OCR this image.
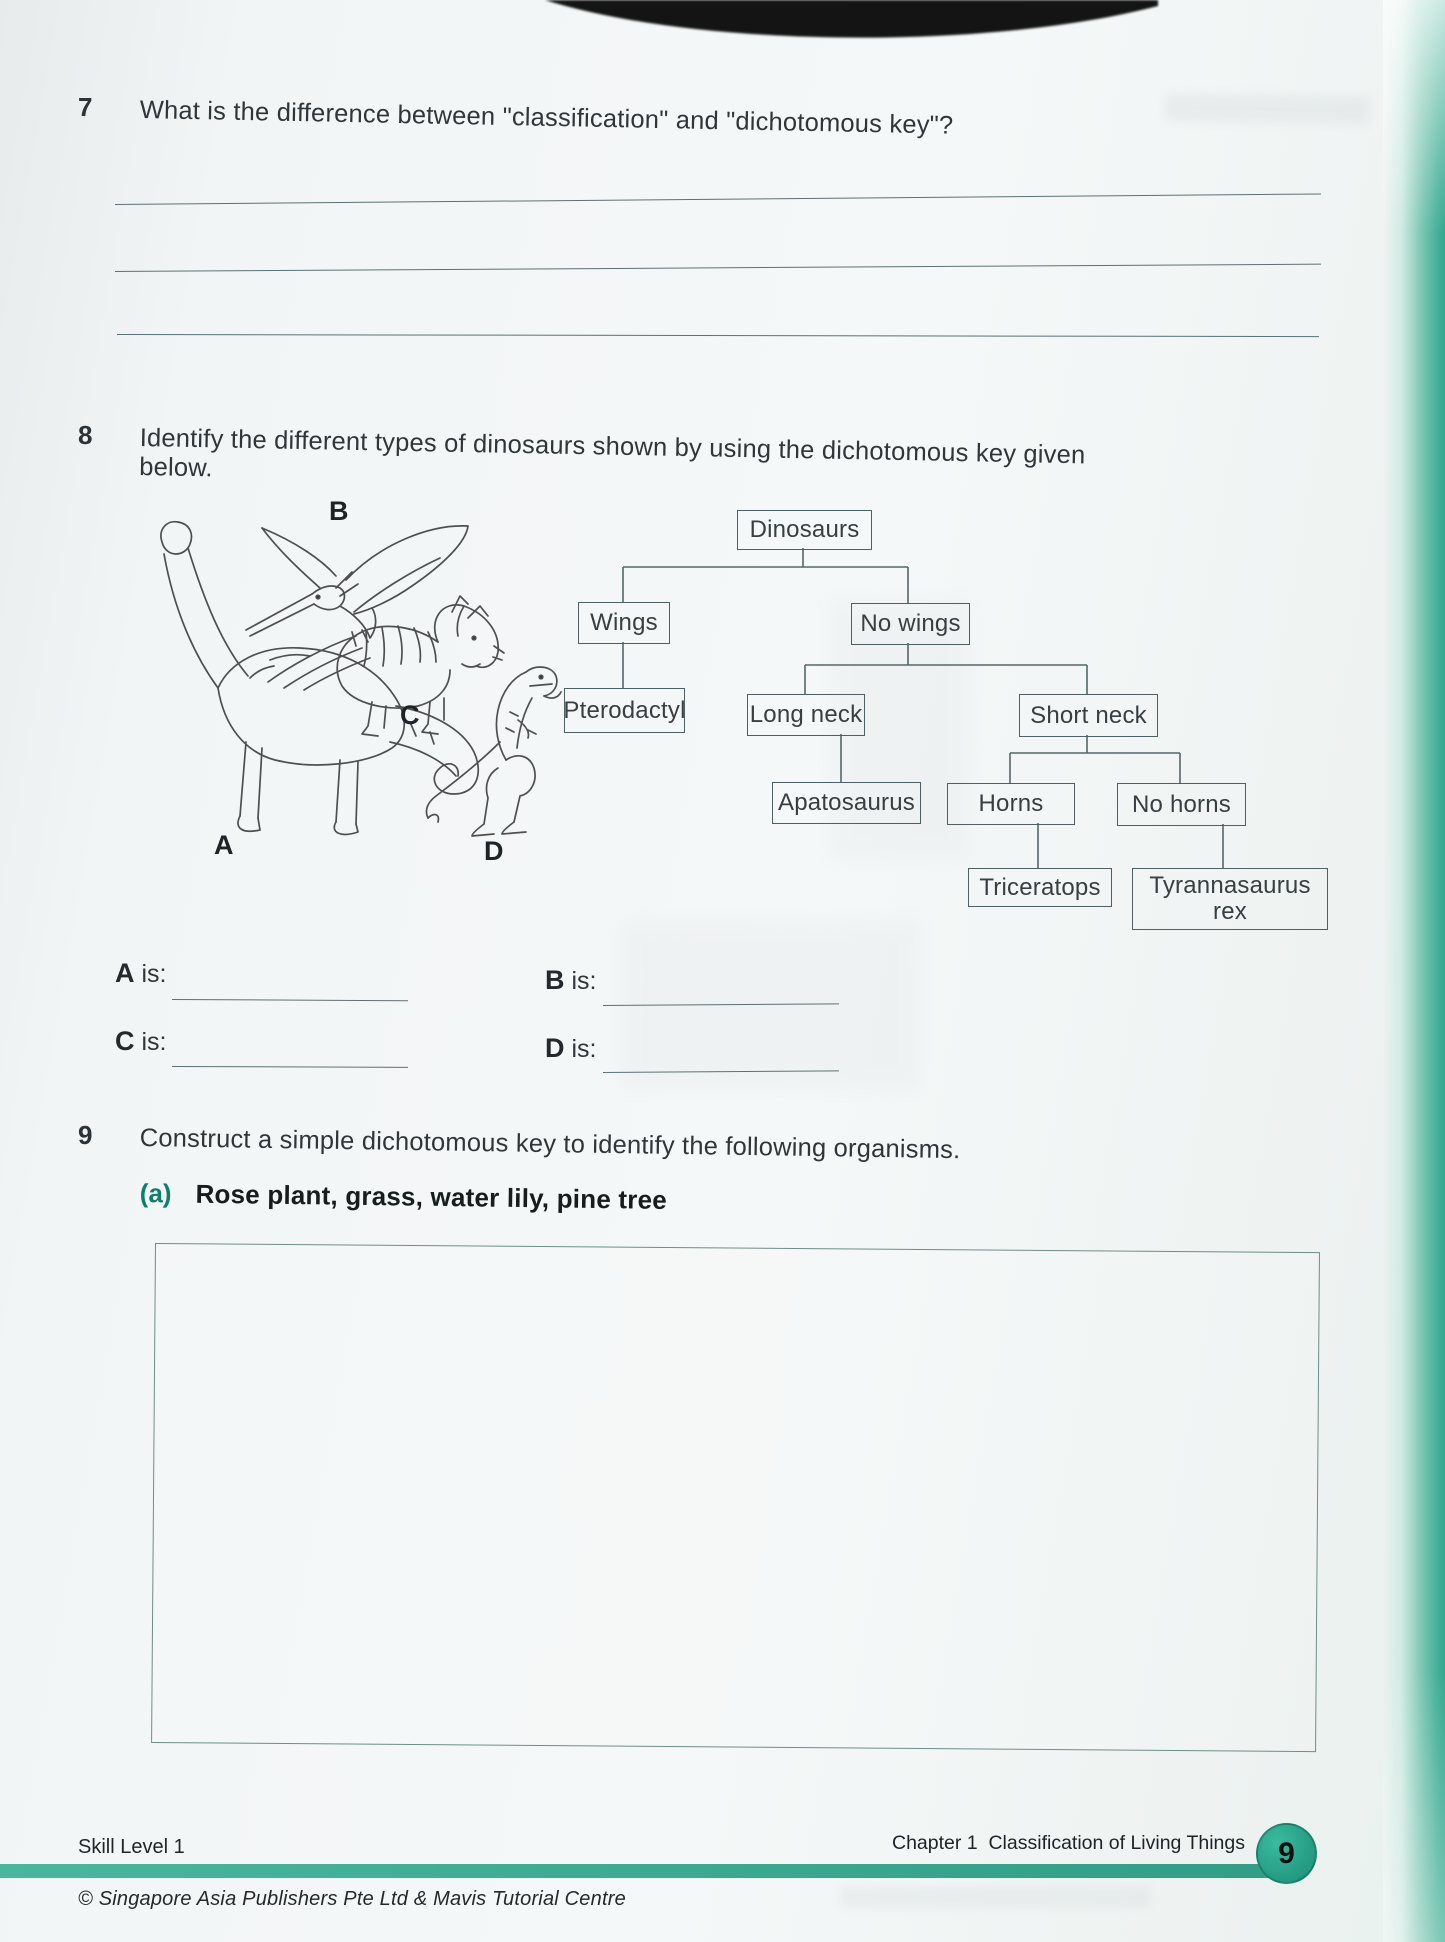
7 What is the difference between "classification" and "dichotomous key"?
8 Identify the different types of dinosaurs shown by using the dichotomous key given below.
B
A
C
D
Dinosaurs
Wings	No wings
Pterodactyl	Long neck	Short neck
Apatosaurus	Horns	No horns
Triceratops	Tyrannasaurus rex
A is:	B is:
C is:	D is:
9 Construct a simple dichotomous key to identify the following organisms.
(a) Rose plant, grass, water lily, pine tree
Skill Level 1	Chapter 1  Classification of Living Things 9
© Singapore Asia Publishers Pte Ltd & Mavis Tutorial Centre
